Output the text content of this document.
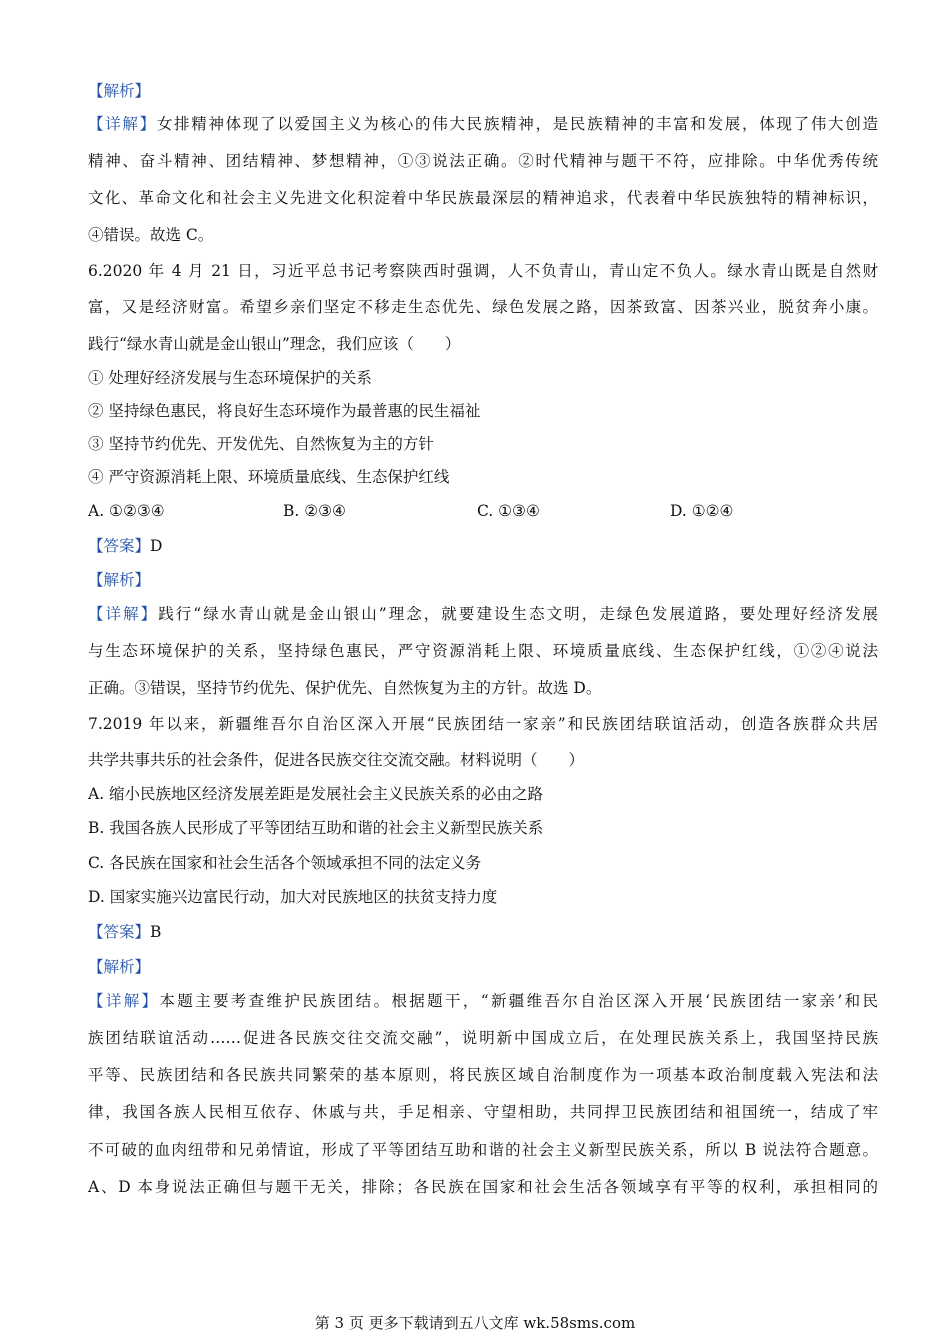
【解析】
【详解】女排精神体现了以爱国主义为核心的伟大民族精神，是民族精神的丰富和发展，体现了伟大创造
精神、奋斗精神、团结精神、梦想精神，①③说法正确。②时代精神与题干不符，应排除。中华优秀传统
文化、革命文化和社会主义先进文化积淀着中华民族最深层的精神追求，代表着中华民族独特的精神标识，
④错误。故选 C。
6.2020 年 4 月 21 日，习近平总书记考察陕西时强调，人不负青山，青山定不负人。绿水青山既是自然财
富，又是经济财富。希望乡亲们坚定不移走生态优先、绿色发展之路，因茶致富、因茶兴业，脱贫奔小康。
践行“绿水青山就是金山银山”理念，我们应该（　　）
① 处理好经济发展与生态环境保护的关系
② 坚持绿色惠民，将良好生态环境作为最普惠的民生福祉
③ 坚持节约优先、开发优先、自然恢复为主的方针
④ 严守资源消耗上限、环境质量底线、生态保护红线
A. ①②③④	B. ②③④	C. ①③④	D. ①②④
【答案】D
【解析】
【详解】践行“绿水青山就是金山银山”理念，就要建设生态文明，走绿色发展道路，要处理好经济发展
与生态环境保护的关系，坚持绿色惠民，严守资源消耗上限、环境质量底线、生态保护红线，①②④说法
正确。③错误，坚持节约优先、保护优先、自然恢复为主的方针。故选 D。
7.2019 年以来，新疆维吾尔自治区深入开展“民族团结一家亲”和民族团结联谊活动，创造各族群众共居
共学共事共乐的社会条件，促进各民族交往交流交融。材料说明（　　）
A. 缩小民族地区经济发展差距是发展社会主义民族关系的必由之路
B. 我国各族人民形成了平等团结互助和谐的社会主义新型民族关系
C. 各民族在国家和社会生活各个领域承担不同的法定义务
D. 国家实施兴边富民行动，加大对民族地区的扶贫支持力度
【答案】B
【解析】
【详解】本题主要考查维护民族团结。根据题干，“新疆维吾尔自治区深入开展‘民族团结一家亲’和民
族团结联谊活动……促进各民族交往交流交融”，说明新中国成立后，在处理民族关系上，我国坚持民族
平等、民族团结和各民族共同繁荣的基本原则，将民族区域自治制度作为一项基本政治制度载入宪法和法
律，我国各族人民相互依存、休戚与共，手足相亲、守望相助，共同捍卫民族团结和祖国统一，结成了牢
不可破的血肉纽带和兄弟情谊，形成了平等团结互助和谐的社会主义新型民族关系，所以 B 说法符合题意。
A、D 本身说法正确但与题干无关，排除；各民族在国家和社会生活各领域享有平等的权利，承担相同的
第 3 页 更多下载请到五八文库 wk.58sms.com
